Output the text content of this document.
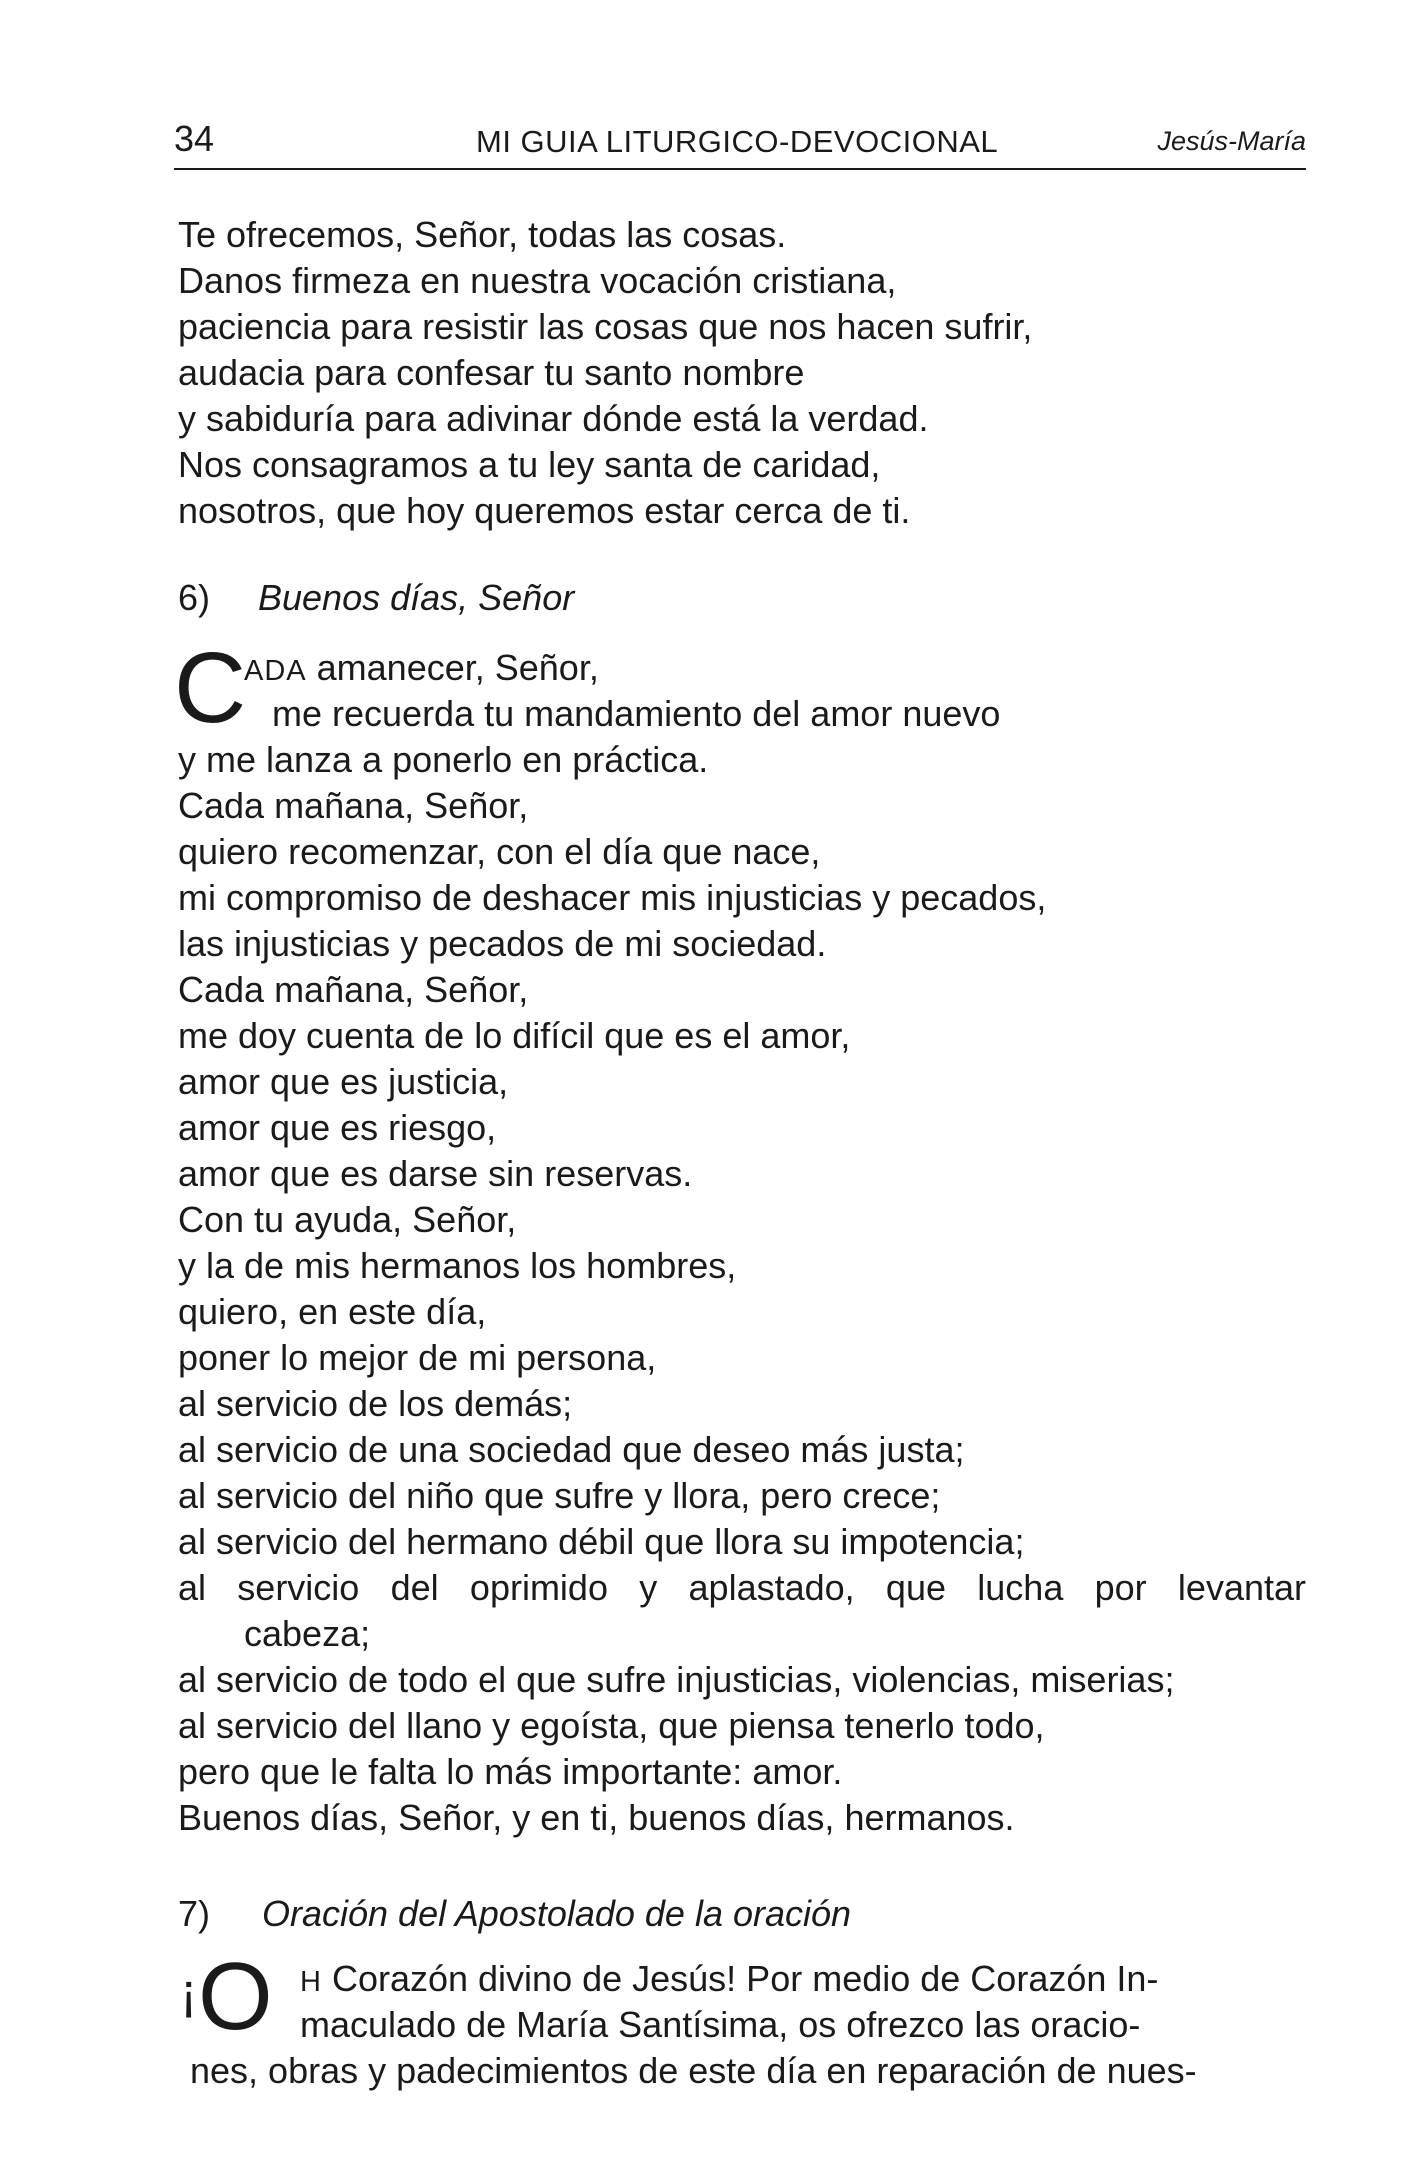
34	MI GUIA LITURGICO-DEVOCIONAL	Jesús-María
Te ofrecemos, Señor, todas las cosas.
Danos firmeza en nuestra vocación cristiana,
paciencia para resistir las cosas que nos hacen sufrir,
audacia para confesar tu santo nombre
y sabiduría para adivinar dónde está la verdad.
Nos consagramos a tu ley santa de caridad,
nosotros, que hoy queremos estar cerca de ti.
6) Buenos días, Señor
C
ADA amanecer, Señor,
me recuerda tu mandamiento del amor nuevo
y me lanza a ponerlo en práctica.
Cada mañana, Señor,
quiero recomenzar, con el día que nace,
mi compromiso de deshacer mis injusticias y pecados,
las injusticias y pecados de mi sociedad.
Cada mañana, Señor,
me doy cuenta de lo difícil que es el amor,
amor que es justicia,
amor que es riesgo,
amor que es darse sin reservas.
Con tu ayuda, Señor,
y la de mis hermanos los hombres,
quiero, en este día,
poner lo mejor de mi persona,
al servicio de los demás;
al servicio de una sociedad que deseo más justa;
al servicio del niño que sufre y llora, pero crece;
al servicio del hermano débil que llora su impotencia;
al servicio del oprimido y aplastado, que lucha por levantar
cabeza;
al servicio de todo el que sufre injusticias, violencias, miserias;
al servicio del llano y egoísta, que piensa tenerlo todo,
pero que le falta lo más importante: amor.
Buenos días, Señor, y en ti, buenos días, hermanos.
7) Oración del Apostolado de la oración
¡ O H Corazón divino de Jesús! Por medio de Corazón In-
maculado de María Santísima, os ofrezco las oracio-
nes, obras y padecimientos de este día en reparación de nues-
